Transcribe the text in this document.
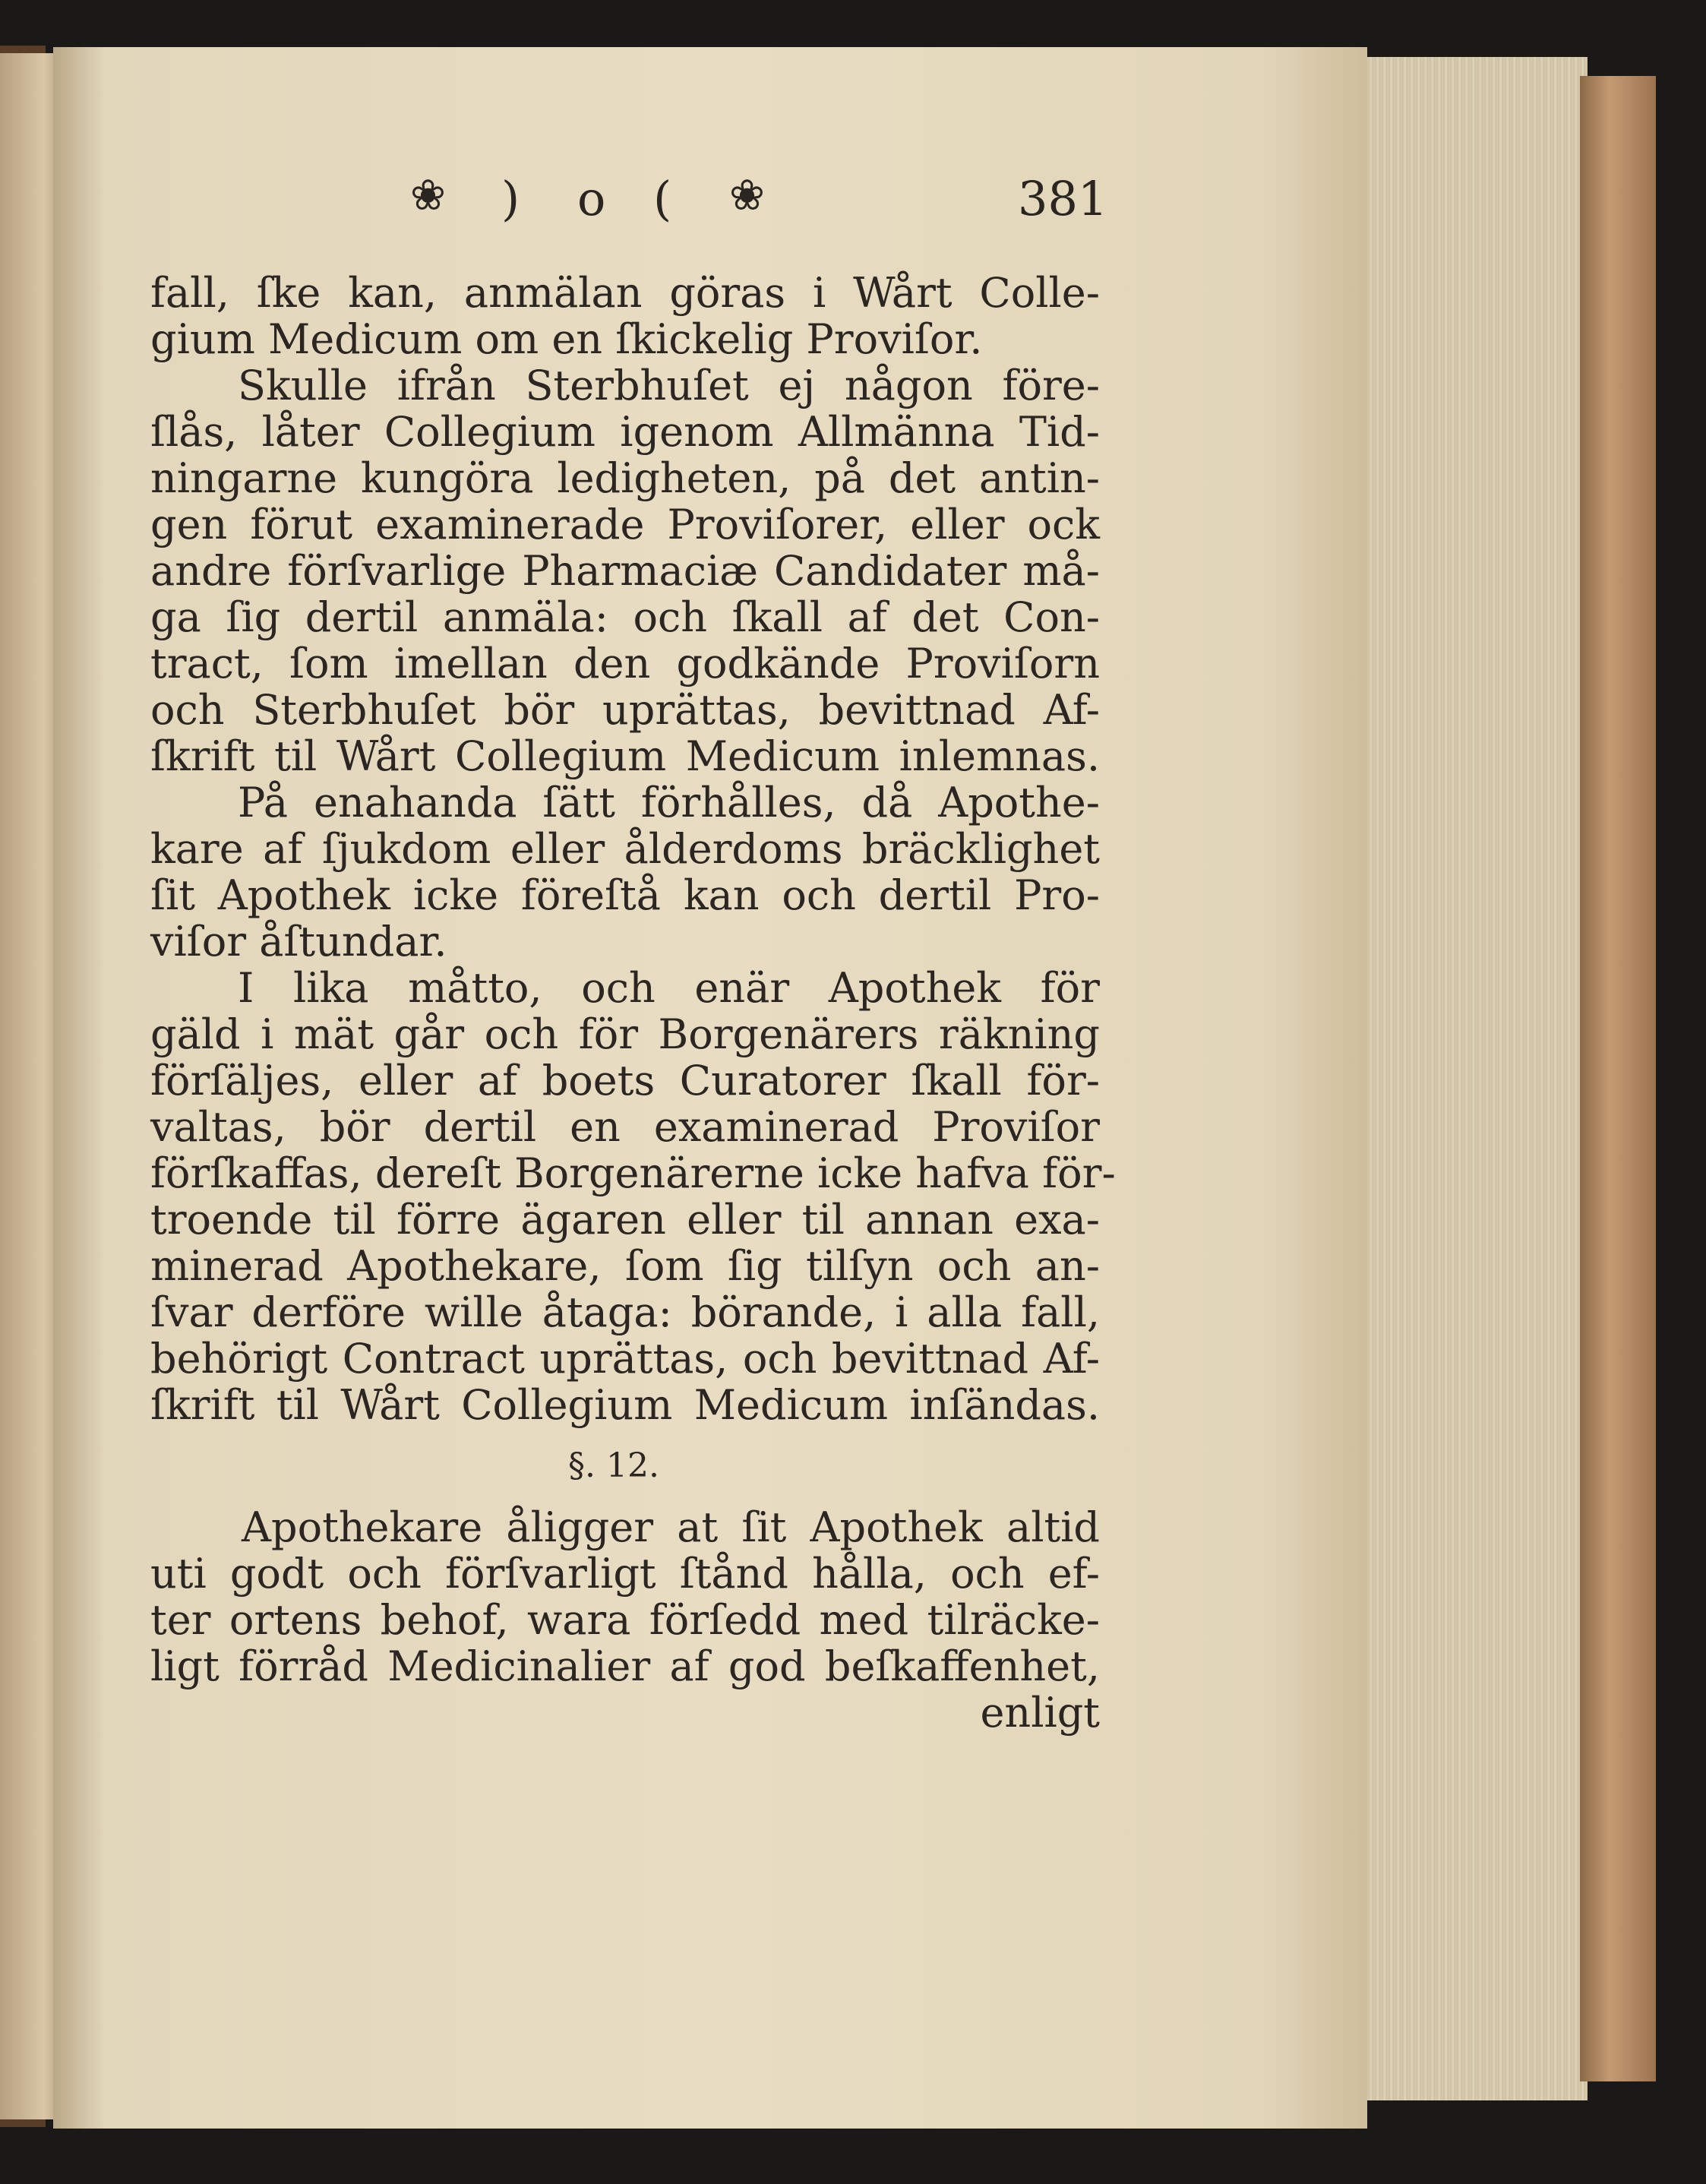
❀ ) o ( ❀	381
fall, ſke kan, anmälan göras i Wårt Colle-
gium Medicum om en ſkickelig Proviſor.
Skulle ifrån Sterbhuſet ej någon före-
ſlås, låter Collegium igenom Allmänna Tid-
ningarne kungöra ledigheten, på det antin-
gen förut examinerade Proviſorer, eller ock
andre förſvarlige Pharmaciæ Candidater må-
ga ſig dertil anmäla: och ſkall af det Con-
tract, ſom imellan den godkände Proviſorn
och Sterbhuſet bör uprättas, bevittnad Af-
ſkrift til Wårt Collegium Medicum inlemnas.
På enahanda ſätt förhålles, då Apothe-
kare af ſjukdom eller ålderdoms bräcklighet
ſit Apothek icke föreſtå kan och dertil Pro-
viſor åſtundar.
I lika måtto, och enär Apothek för
gäld i mät går och för Borgenärers räkning
förſäljes, eller af boets Curatorer ſkall för-
valtas, bör dertil en examinerad Proviſor
förſkaffas, dereſt Borgenärerne icke hafva för-
troende til förre ägaren eller til annan exa-
minerad Apothekare, ſom ſig tilſyn och an-
ſvar derföre wille åtaga: börande, i alla fall,
behörigt Contract uprättas, och bevittnad Af-
ſkrift til Wårt Collegium Medicum inſändas.
§. 12.
Apothekare åligger at ſit Apothek altid
uti godt och förſvarligt ſtånd hålla, och ef-
ter ortens behof, wara förſedd med tilräcke-
ligt förråd Medicinalier af god beſkaffenhet,
enligt
